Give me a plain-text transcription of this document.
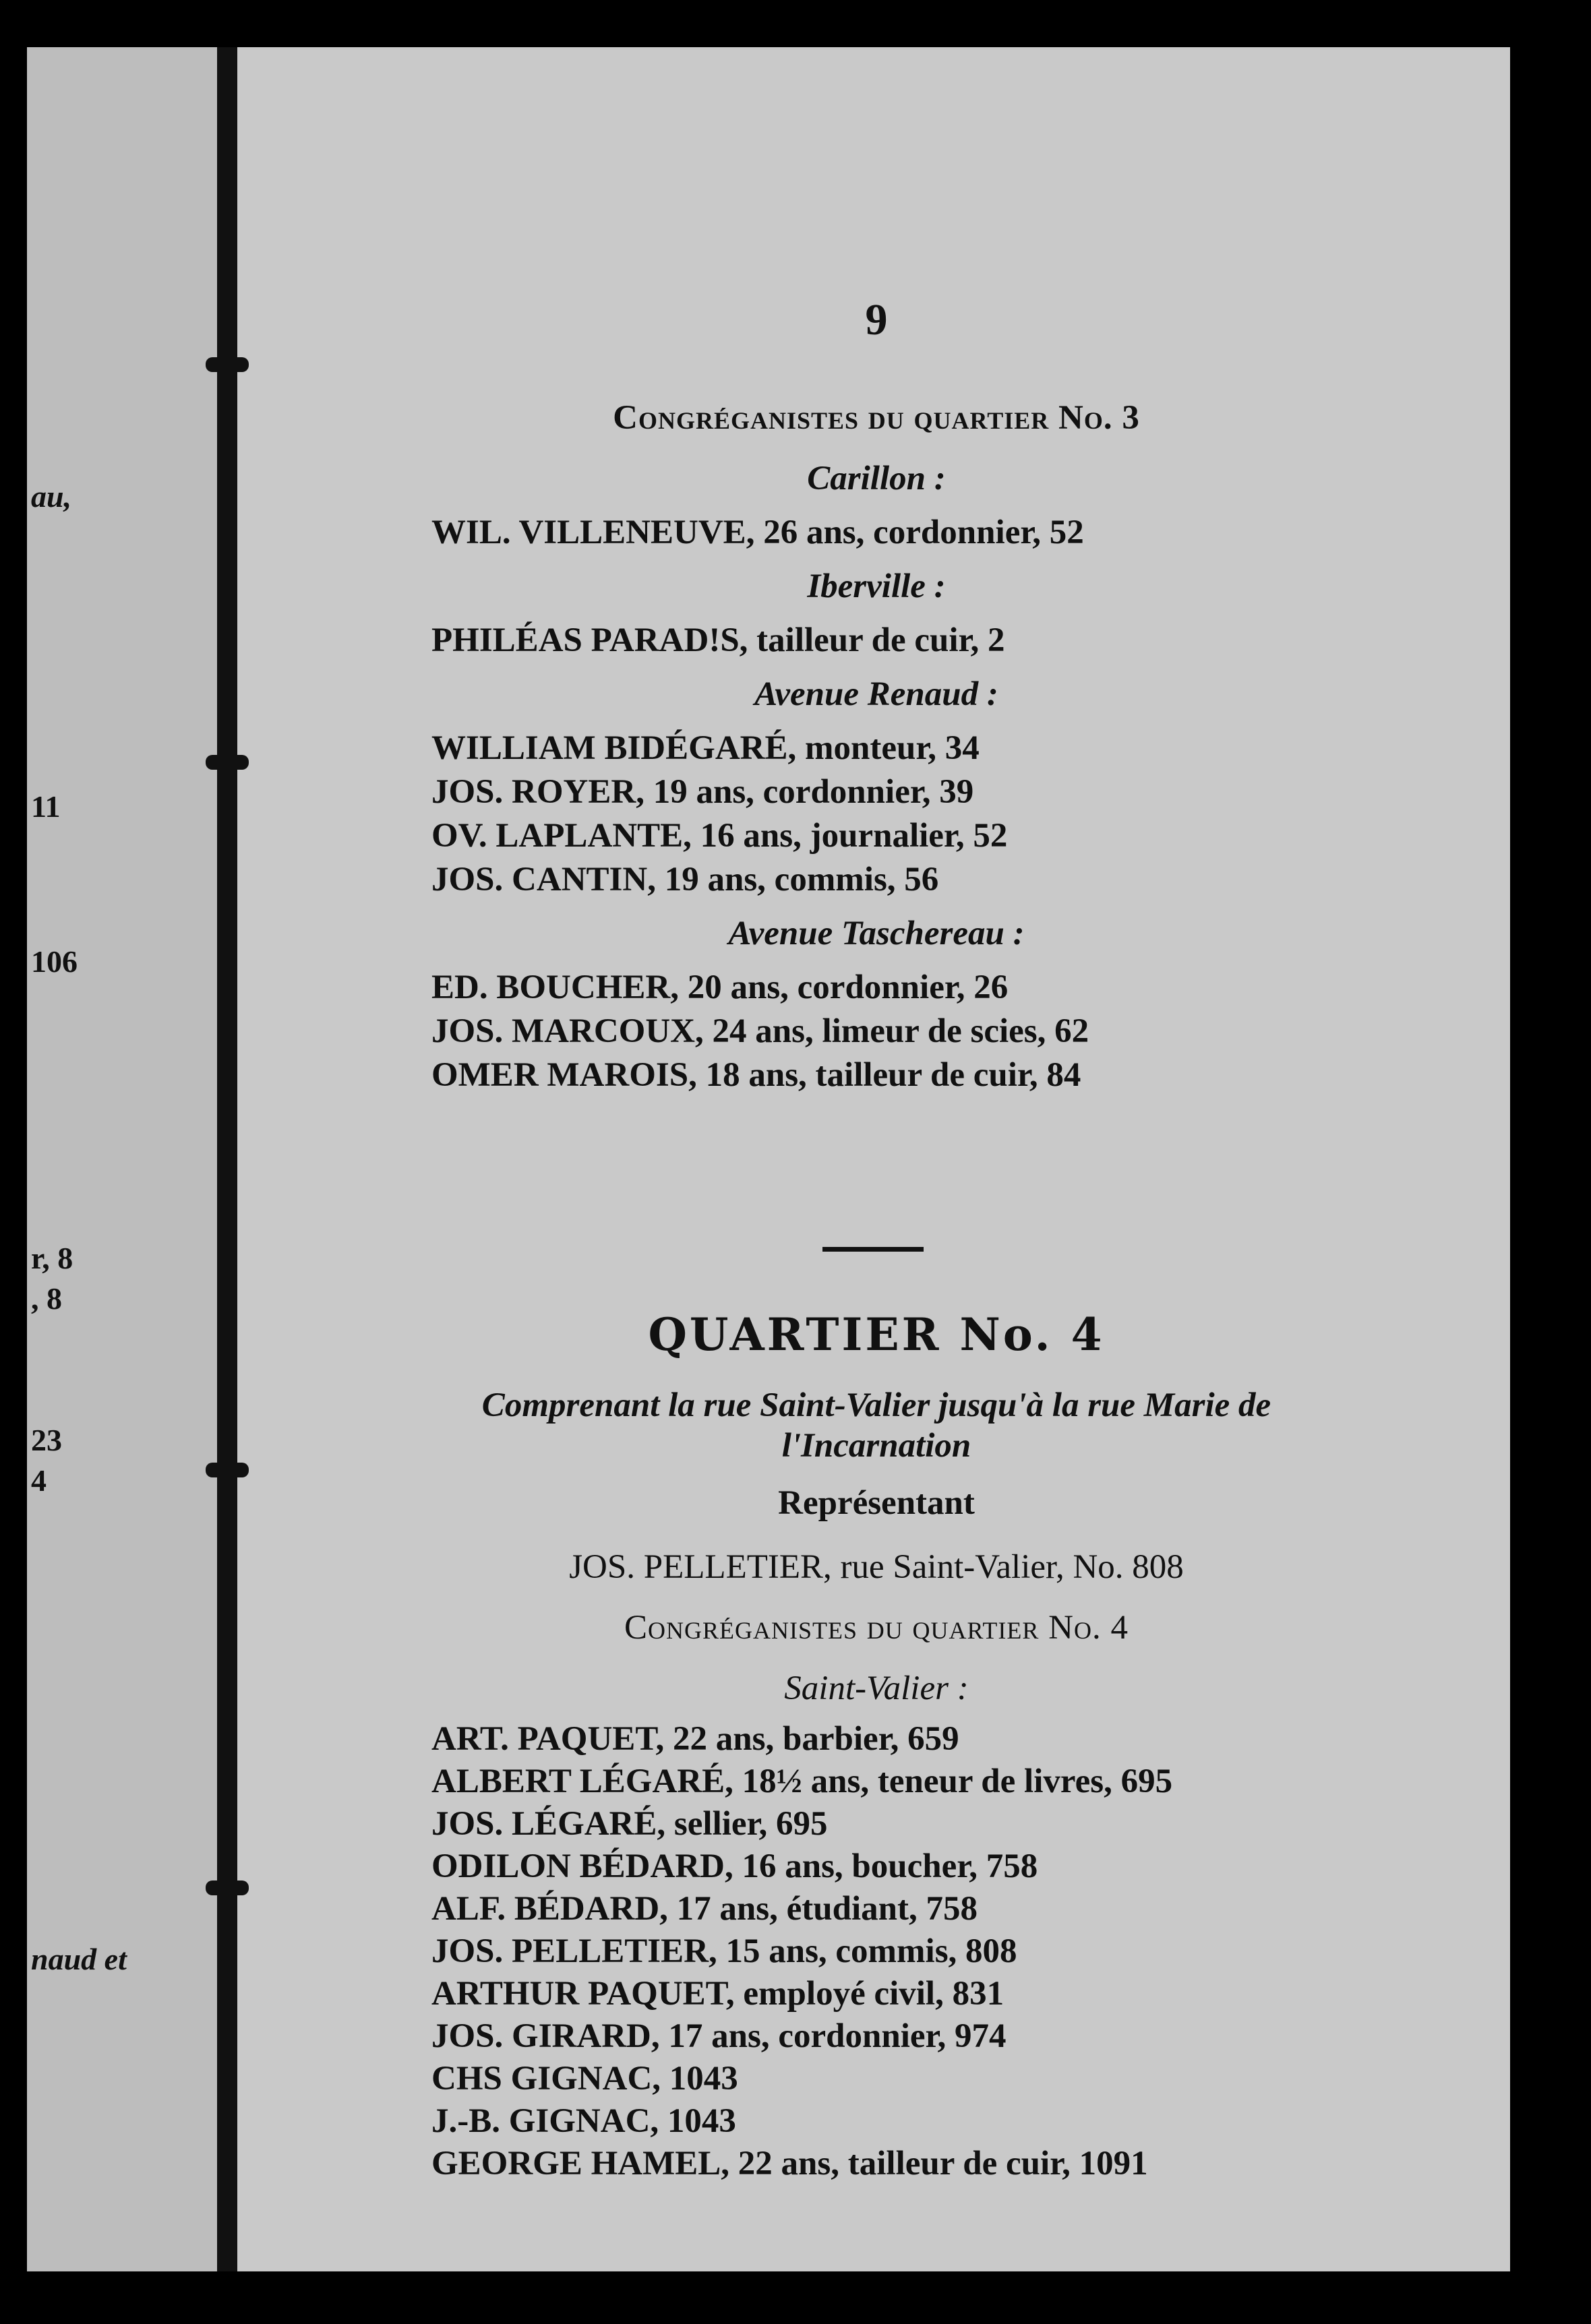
au,
11
106
r, 8
, 8
23
4
naud et
9
Congréganistes du quartier No. 3
Carillon :
WIL. VILLENEUVE, 26 ans, cordonnier, 52
Iberville :
PHILÉAS PARAD!S, tailleur de cuir, 2
Avenue Renaud :
WILLIAM BIDÉGARÉ, monteur, 34
JOS. ROYER, 19 ans, cordonnier, 39
OV. LAPLANTE, 16 ans, journalier, 52
JOS. CANTIN, 19 ans, commis, 56
Avenue Taschereau :
ED. BOUCHER, 20 ans, cordonnier, 26
JOS. MARCOUX, 24 ans, limeur de scies, 62
OMER MAROIS, 18 ans, tailleur de cuir, 84
QUARTIER No. 4
Comprenant la rue Saint-Valier jusqu'à la rue Marie de
l'Incarnation
Représentant
JOS. PELLETIER, rue Saint-Valier, No. 808
Congréganistes du quartier No. 4
Saint-Valier :
ART. PAQUET, 22 ans, barbier, 659
ALBERT LÉGARÉ, 18½ ans, teneur de livres, 695
JOS. LÉGARÉ, sellier, 695
ODILON BÉDARD, 16 ans, boucher, 758
ALF. BÉDARD, 17 ans, étudiant, 758
JOS. PELLETIER, 15 ans, commis, 808
ARTHUR PAQUET, employé civil, 831
JOS. GIRARD, 17 ans, cordonnier, 974
CHS GIGNAC, 1043
J.-B. GIGNAC, 1043
GEORGE HAMEL, 22 ans, tailleur de cuir, 1091
